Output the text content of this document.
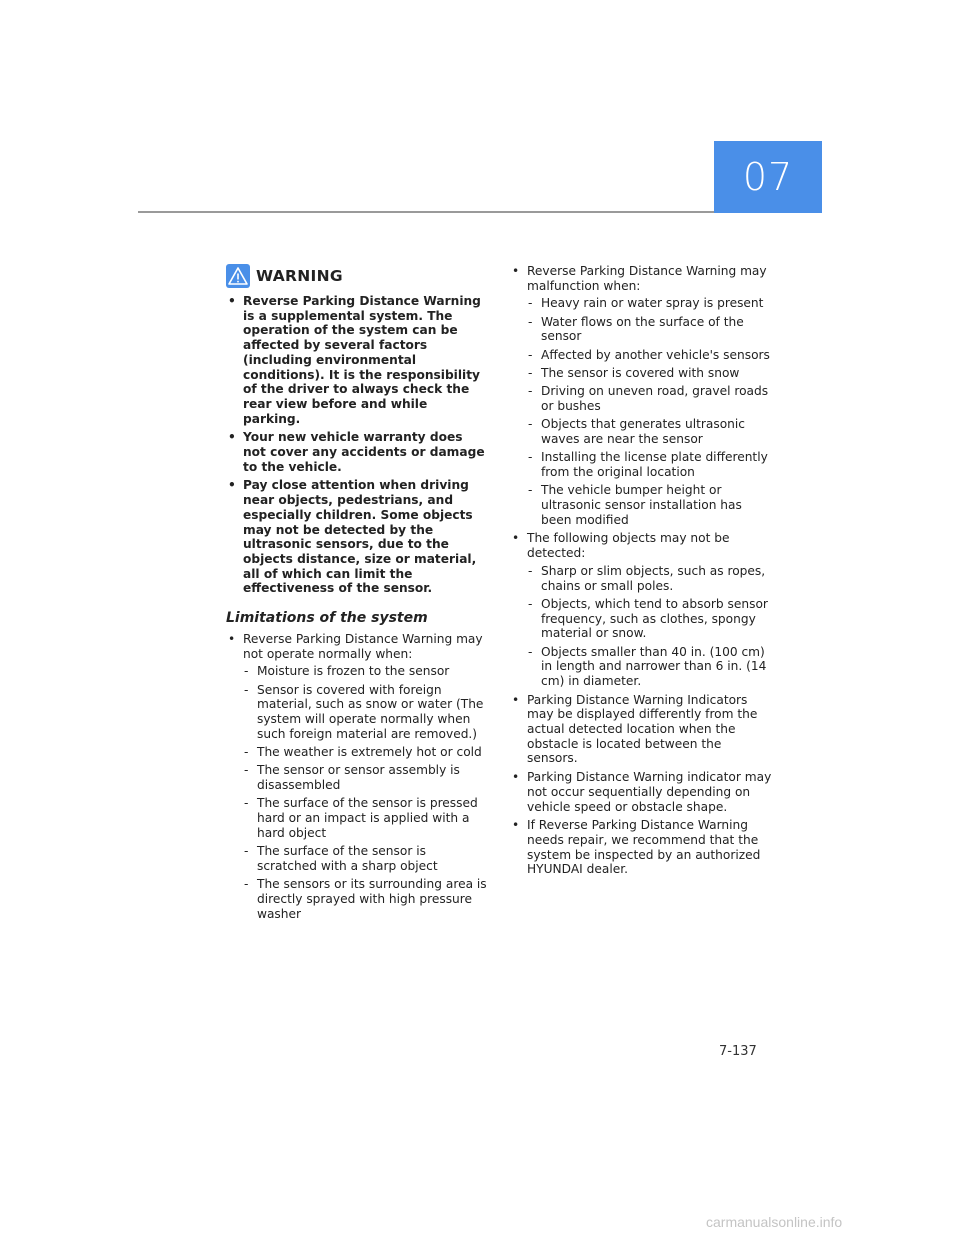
07
WARNING
• Reverse Parking Distance Warning is a supplemental system. The operation of the system can be affected by several factors (including environmental conditions). It is the responsibility of the driver to always check the rear view before and while parking.
• Your new vehicle warranty does not cover any accidents or damage to the vehicle.
• Pay close attention when driving near objects, pedestrians, and especially children. Some objects may not be detected by the ultrasonic sensors, due to the objects distance, size or material, all of which can limit the effectiveness of the sensor.
Limitations of the system
• Reverse Parking Distance Warning may not operate normally when:
- Moisture is frozen to the sensor
- Sensor is covered with foreign material, such as snow or water (The system will operate normally when such foreign material are removed.)
- The weather is extremely hot or cold
- The sensor or sensor assembly is disassembled
- The surface of the sensor is pressed hard or an impact is applied with a hard object
- The surface of the sensor is scratched with a sharp object
- The sensors or its surrounding area is directly sprayed with high pressure washer
• Reverse Parking Distance Warning may malfunction when:
- Heavy rain or water spray is present
- Water flows on the surface of the sensor
- Affected by another vehicle's sensors
- The sensor is covered with snow
- Driving on uneven road, gravel roads or bushes
- Objects that generates ultrasonic waves are near the sensor
- Installing the license plate differently from the original location
- The vehicle bumper height or ultrasonic sensor installation has been modified
• The following objects may not be detected:
- Sharp or slim objects, such as ropes, chains or small poles.
- Objects, which tend to absorb sensor frequency, such as clothes, spongy material or snow.
- Objects smaller than 40 in. (100 cm) in length and narrower than 6 in. (14 cm) in diameter.
• Parking Distance Warning Indicators may be displayed differently from the actual detected location when the obstacle is located between the sensors.
• Parking Distance Warning indicator may not occur sequentially depending on vehicle speed or obstacle shape.
• If Reverse Parking Distance Warning needs repair, we recommend that the system be inspected by an authorized HYUNDAI dealer.
7-137
carmanualsonline.info
